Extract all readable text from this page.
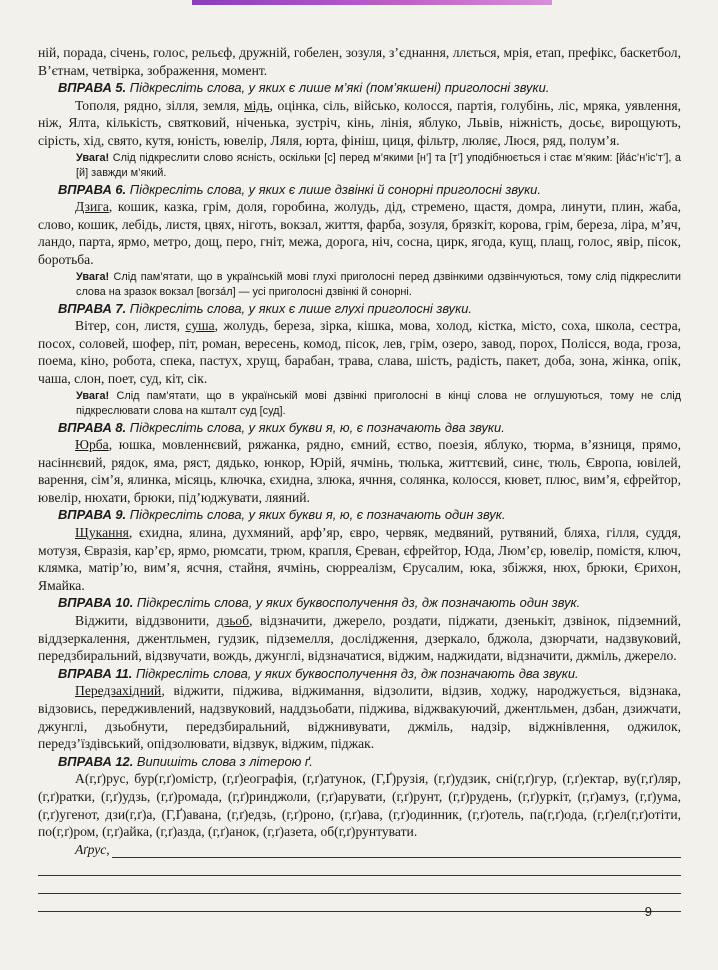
ній, порада, січень, голос, рельєф, дружній, гобелен, зозуля, з’єднання, ллється, мрія, етап, префікс, баскетбол, В’єтнам, четвірка, зображення, момент.

ВПРАВА 5. Підкресліть слова, у яких є лише м’які (пом’якшені) приголосні звуки.

Тополя, рядно, зілля, земля, мідь, оцінка, сіль, військо, колосся, партія, голубінь, ліс, мряка, уявлення, ніж, Ялта, кількість, святковий, ніченька, зустріч, кінь, лінія, яблуко, Львів, ніжність, досьє, вирощують, сірість, хід, свято, кутя, юність, ювелір, Ляля, юрта, фініш, циця, фільтр, люляє, Люся, ряд, полум’я.

Увага! Слід підкреслити слово ясність, оскільки [с] перед м’якими [н’] та [т’] уподібнюється і стає м’яким: [йа́с’н’іс’т’], а [й] завжди м’який.

ВПРАВА 6. Підкресліть слова, у яких є лише дзвінкі й сонорні приголосні звуки.

Дзига, кошик, казка, грім, доля, горобина, жолудь, дід, стремено, щастя, домра, линути, плин, жаба, слово, кошик, лебідь, листя, цвях, ніготь, вокзал, життя, фарба, зозуля, брязкіт, корова, грім, береза, ліра, м’яч, ландо, парта, ярмо, метро, дощ, перо, гніт, межа, дорога, ніч, сосна, цирк, ягода, кущ, плащ, голос, явір, пісок, боротьба.

Увага! Слід пам’ятати, що в українській мові глухі приголосні перед дзвінкими одзвінчуються, тому слід підкреслити слова на зразок вокзал [вогза́л] — усі приголосні дзвінкі й сонорні.

ВПРАВА 7. Підкресліть слова, у яких є лише глухі приголосні звуки.

Вітер, сон, листя, суша, жолудь, береза, зірка, кішка, мова, холод, кістка, місто, соха, школа, сестра, посох, соловей, шофер, піт, роман, вересень, комод, пісок, лев, грім, озеро, завод, порох, Полісся, вода, гроза, поема, кіно, робота, спека, пастух, хрущ, барабан, трава, слава, шість, радість, пакет, доба, зона, жінка, опік, чаша, слон, поет, суд, кіт, сік.

Увага! Слід пам’ятати, що в українській мові дзвінкі приголосні в кінці слова не оглушуються, тому не слід підкреслювати слова на кшталт суд [суд].

ВПРАВА 8. Підкресліть слова, у яких букви я, ю, є позначають два звуки.

Юрба, юшка, мовленнєвий, ряжанка, рядно, ємний, єство, поезія, яблуко, тюрма, в’язниця, прямо, насіннєвий, рядок, яма, ряст, дядько, юнкор, Юрій, ячмінь, тюлька, життєвий, синє, тюль, Європа, ювілей, варення, сім’я, ялинка, місяць, ключка, єхидна, злюка, ячння, солянка, колосся, кювет, плюс, вим’я, єфрейтор, ювелір, нюхати, брюки, під’юджувати, ляяний.

ВПРАВА 9. Підкресліть слова, у яких букви я, ю, є позначають один звук.

Щукання, єхидна, ялина, духмяний, арф’яр, євро, червяк, медвяний, рутвяний, бляха, гілля, суддя, мотузя, Євразія, кар’єр, ярмо, рюмсати, трюм, крапля, Єреван, єфрейтор, Юда, Люм’єр, ювелір, помістя, ключ, клямка, матір’ю, вим’я, ясчня, стайня, ячмінь, сюрреалізм, Єрусалим, юка, збіжжя, нюх, брюки, Єрихон, Ямайка.

ВПРАВА 10. Підкресліть слова, у яких буквосполучення дз, дж позначають один звук.

Віджити, віддзвонити, дзьоб, відзначити, джерело, роздати, піджати, дзенькіт, дзвінок, підземний, віддзеркалення, джентльмен, гудзик, підземелля, дослідження, дзеркало, бджола, дзюрчати, надзвуковий, передзбиральний, відзвучати, вождь, джунглі, відзначатися, віджим, наджидати, відзначити, джміль, джерело.

ВПРАВА 11. Підкресліть слова, у яких буквосполучення дз, дж позначають два звуки.

Передзахідний, віджити, піджива, віджимання, відзолити, відзив, ходжу, народжується, відзнака, відзовись, передживлений, надзвуковий, наддзьобати, піджива, віджвакуючий, джентльмен, дзбан, дзижчати, джунглі, дзьобнути, передзбиральний, віджнивувати, джміль, надзір, віджнівлення, оджилок, передз’їздівський, опідзолювати, відзвук, віджим, піджак.

ВПРАВА 12. Випишіть слова з літерою ґ.

А(г,ґ)рус, бур(г,ґ)омістр, (г,ґ)еографія, (г,ґ)атунок, (Г,Ґ)рузія, (г,ґ)удзик, сні(г,ґ)гур, (г,ґ)ектар, ву(г,ґ)ляр, (г,ґ)ратки, (г,ґ)удзь, (г,ґ)ромада, (г,ґ)ринджоли, (г,ґ)арувати, (г,ґ)рунт, (г,ґ)рудень, (г,ґ)уркіт, (г,ґ)амуз, (г,ґ)ума, (г,ґ)угенот, дзи(г,ґ)а, (Г,Ґ)авана, (г,ґ)едзь, (г,ґ)роно, (г,ґ)ава, (г,ґ)одинник, (г,ґ)отель, па(г,ґ)ода, (г,ґ)ел(г,ґ)отіти, по(г,ґ)ром, (г,ґ)айка, (г,ґ)азда, (г,ґ)анок, (г,ґ)азета, об(г,ґ)рунтувати.

Аґрус,
9
